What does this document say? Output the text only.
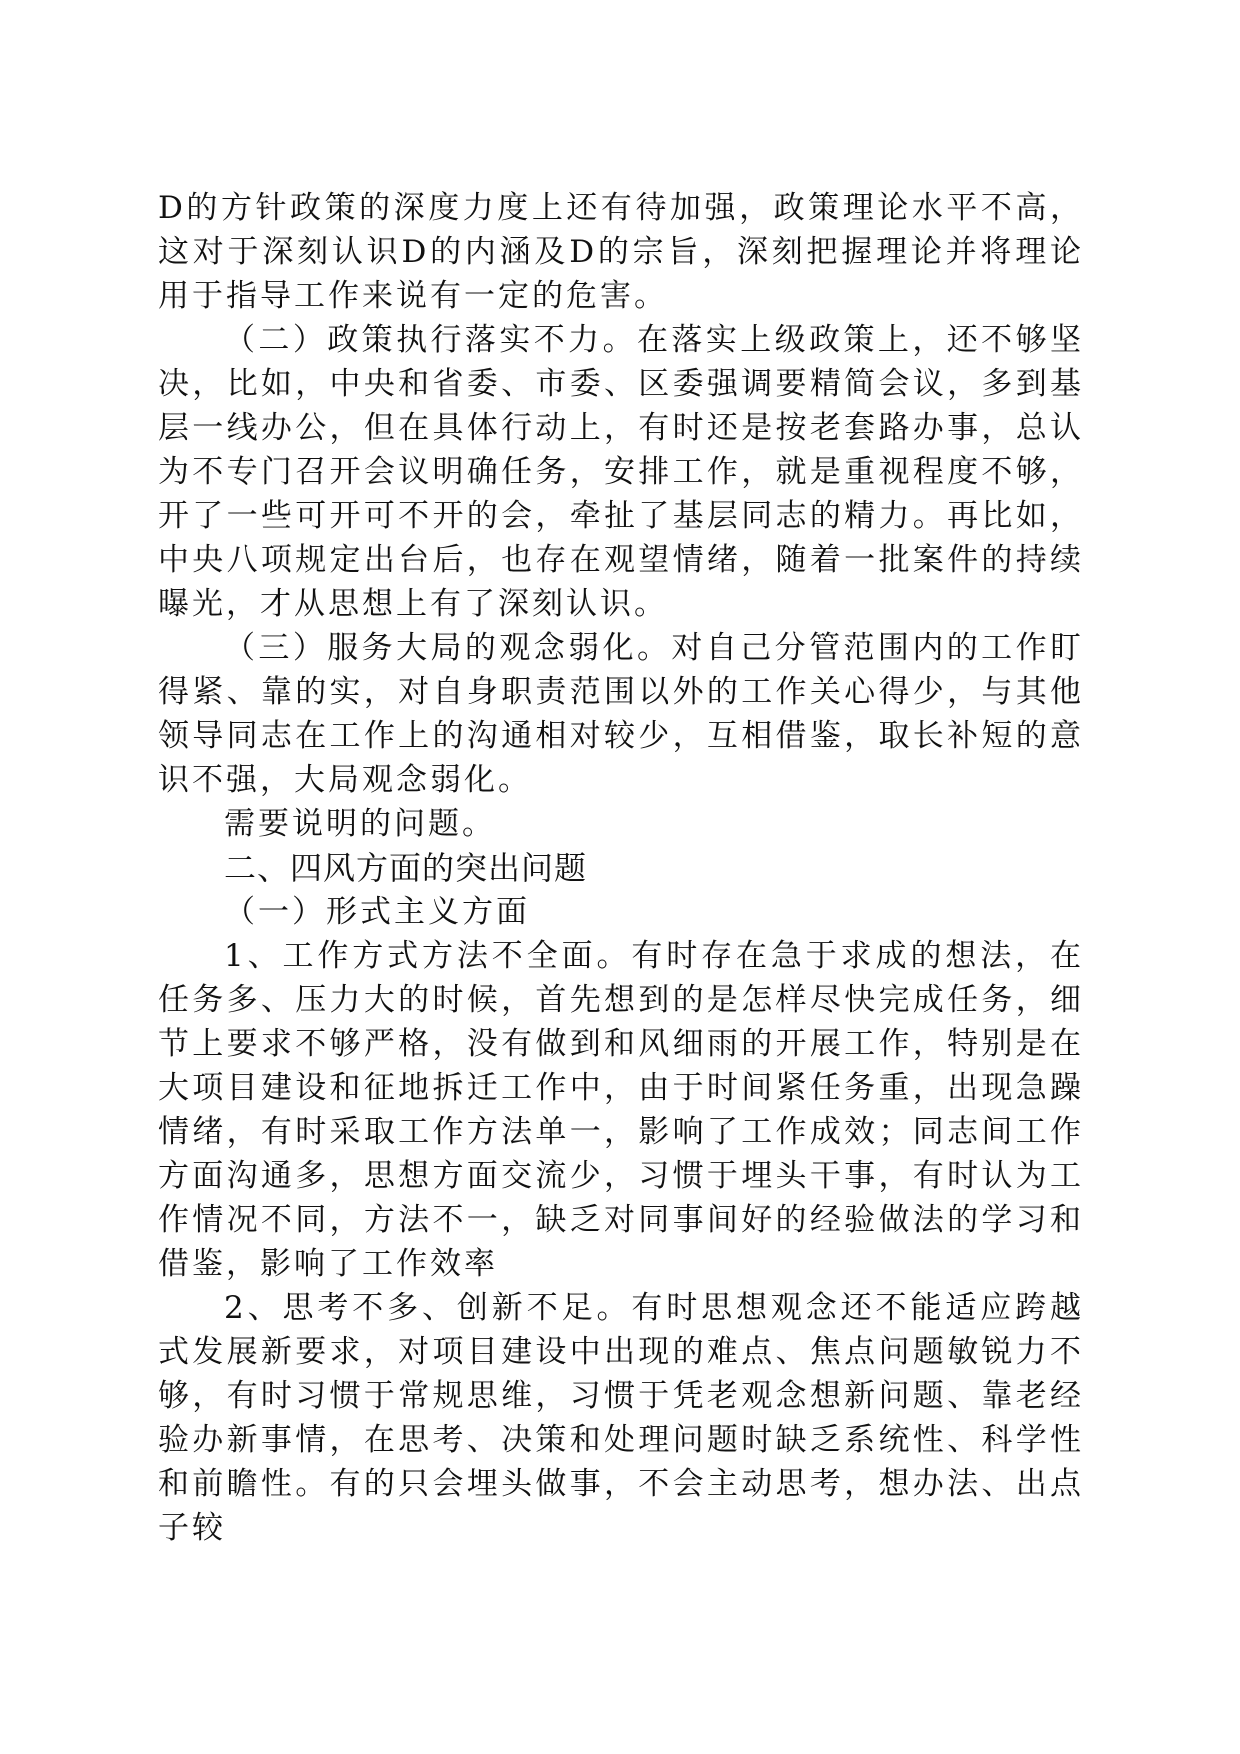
D的方针政策的深度力度上还有待加强，政策理论水平不高，这对于深刻认识D的内涵及D的宗旨，深刻把握理论并将理论用于指导工作来说有一定的危害。

（二）政策执行落实不力。在落实上级政策上，还不够坚决，比如，中央和省委、市委、区委强调要精简会议，多到基层一线办公，但在具体行动上，有时还是按老套路办事，总认为不专门召开会议明确任务，安排工作，就是重视程度不够，开了一些可开可不开的会，牵扯了基层同志的精力。再比如，中央八项规定出台后，也存在观望情绪，随着一批案件的持续曝光，才从思想上有了深刻认识。

（三）服务大局的观念弱化。对自己分管范围内的工作盯得紧、靠的实，对自身职责范围以外的工作关心得少，与其他领导同志在工作上的沟通相对较少，互相借鉴，取长补短的意识不强，大局观念弱化。

需要说明的问题。

二、四风方面的突出问题

（一）形式主义方面

1、工作方式方法不全面。有时存在急于求成的想法，在任务多、压力大的时候，首先想到的是怎样尽快完成任务，细节上要求不够严格，没有做到和风细雨的开展工作，特别是在大项目建设和征地拆迁工作中，由于时间紧任务重，出现急躁情绪，有时采取工作方法单一，影响了工作成效；同志间工作方面沟通多，思想方面交流少，习惯于埋头干事，有时认为工作情况不同，方法不一，缺乏对同事间好的经验做法的学习和借鉴，影响了工作效率

2、思考不多、创新不足。有时思想观念还不能适应跨越式发展新要求，对项目建设中出现的难点、焦点问题敏锐力不够，有时习惯于常规思维，习惯于凭老观念想新问题、靠老经验办新事情，在思考、决策和处理问题时缺乏系统性、科学性和前瞻性。有的只会埋头做事，不会主动思考，想办法、出点子较
